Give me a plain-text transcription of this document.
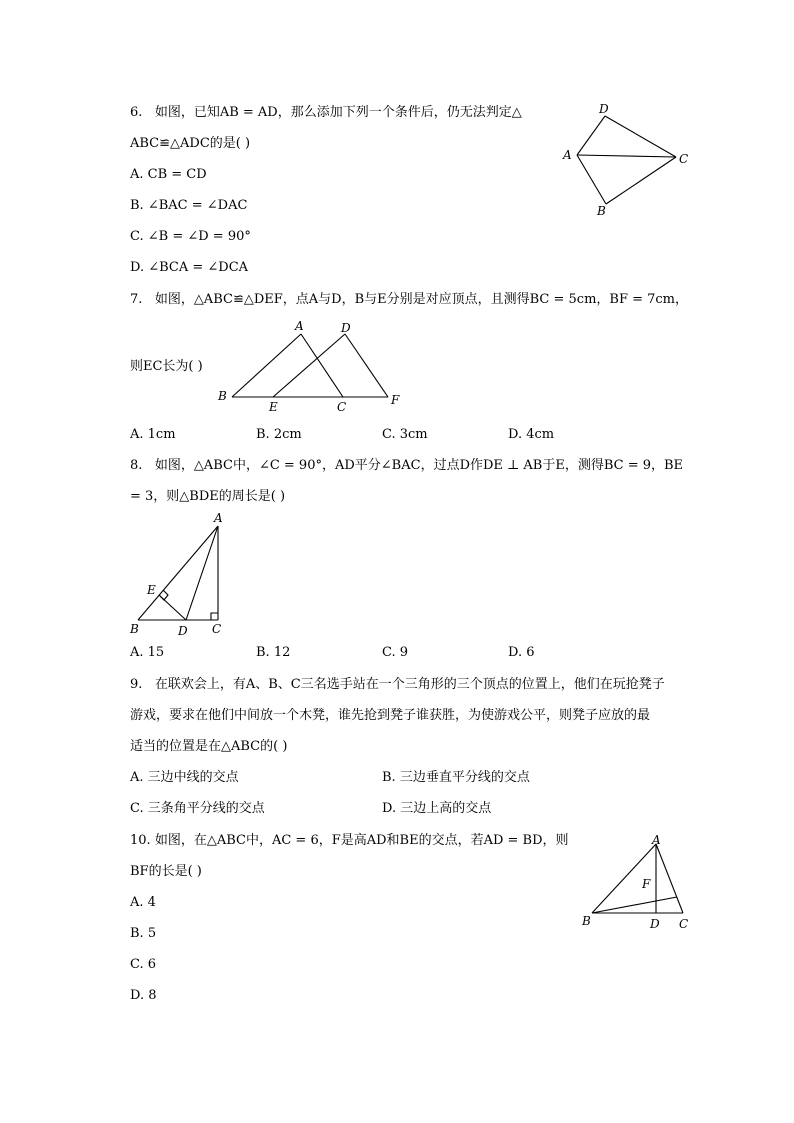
6. 如图，已知AB = AD，那么添加下列一个条件后，仍无法判定△
ABC≌△ADC的是( )
A. CB = CD
B. ∠BAC = ∠DAC
C. ∠B = ∠D = 90°
D. ∠BCA = ∠DCA
D
A	C
B
7. 如图，△ABC≌△DEF，点A与D，B与E分别是对应顶点，且测得BC = 5cm，BF = 7cm，
则EC长为( )
A	D
B
E	C	F
A. 1cm	B. 2cm	C. 3cm	D. 4cm
8. 如图，△ABC中，∠C = 90°，AD平分∠BAC，过点D作DE ⊥ AB于E，测得BC = 9，BE
= 3，则△BDE的周长是( )
A
E
B	D C
A. 15	B. 12	C. 9	D. 6
9. 在联欢会上，有A、B、C三名选手站在一个三角形的三个顶点的位置上，他们在玩抢凳子
游戏，要求在他们中间放一个木凳，谁先抢到凳子谁获胜，为使游戏公平，则凳子应放的最
适当的位置是在△ABC的( )
A. 三边中线的交点	B. 三边垂直平分线的交点
C. 三条角平分线的交点	D. 三边上高的交点
10. 如图，在△ABC中，AC = 6，F是高AD和BE的交点，若AD = BD，则
BF的长是( )
A. 4
B. 5
C. 6
D. 8
A
F
B	D C
